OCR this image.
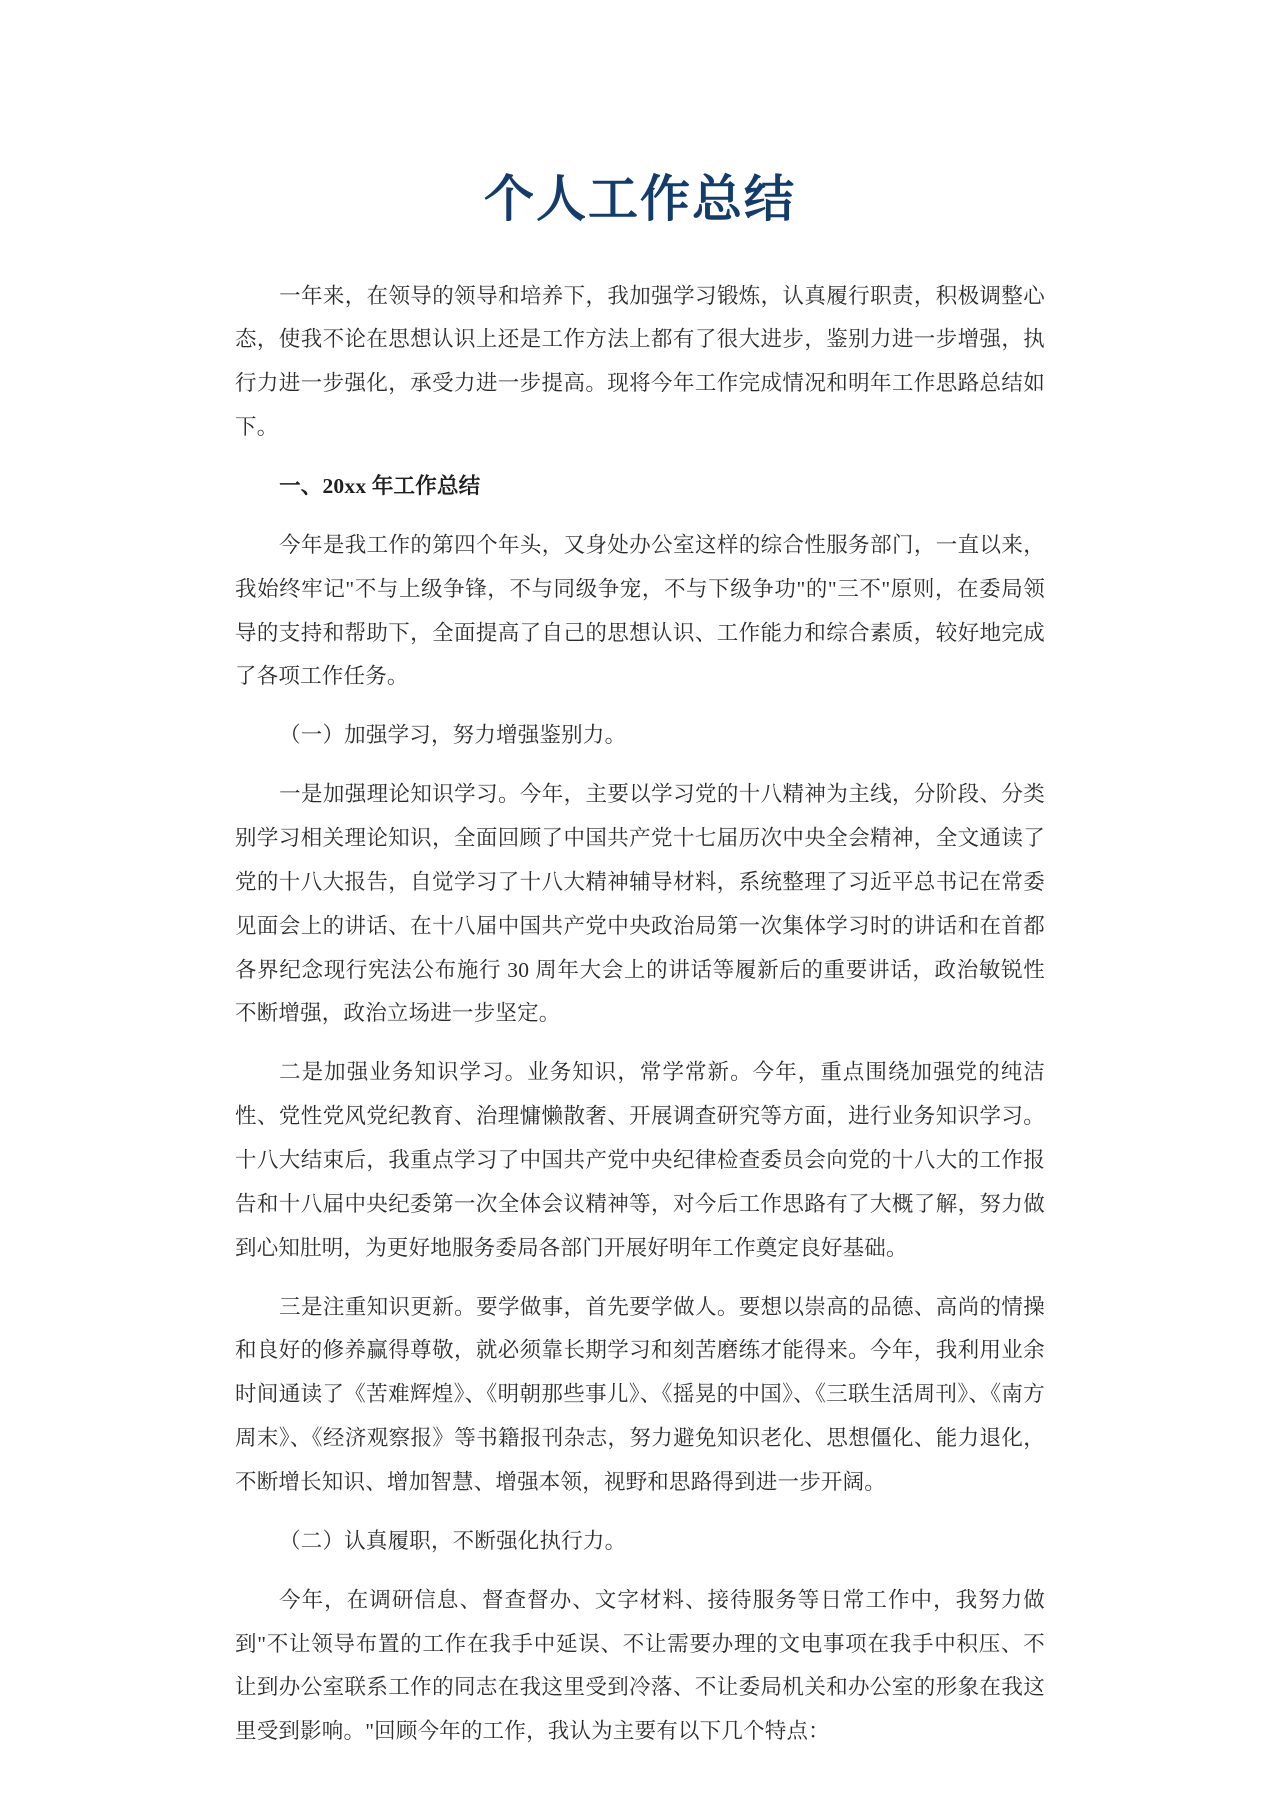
个人工作总结

一年来，在领导的领导和培养下，我加强学习锻炼，认真履行职责，积极调整心态，使我不论在思想认识上还是工作方法上都有了很大进步，鉴别力进一步增强，执行力进一步强化，承受力进一步提高。现将今年工作完成情况和明年工作思路总结如下。

一、20xx 年工作总结

今年是我工作的第四个年头，又身处办公室这样的综合性服务部门，一直以来，我始终牢记"不与上级争锋，不与同级争宠，不与下级争功"的"三不"原则，在委局领导的支持和帮助下，全面提高了自己的思想认识、工作能力和综合素质，较好地完成了各项工作任务。

（一）加强学习，努力增强鉴别力。

一是加强理论知识学习。今年，主要以学习党的十八精神为主线，分阶段、分类别学习相关理论知识，全面回顾了中国共产党十七届历次中央全会精神，全文通读了党的十八大报告，自觉学习了十八大精神辅导材料，系统整理了习近平总书记在常委见面会上的讲话、在十八届中国共产党中央政治局第一次集体学习时的讲话和在首都各界纪念现行宪法公布施行 30 周年大会上的讲话等履新后的重要讲话，政治敏锐性不断增强，政治立场进一步坚定。

二是加强业务知识学习。业务知识，常学常新。今年，重点围绕加强党的纯洁性、党性党风党纪教育、治理慵懒散奢、开展调查研究等方面，进行业务知识学习。十八大结束后，我重点学习了中国共产党中央纪律检查委员会向党的十八大的工作报告和十八届中央纪委第一次全体会议精神等，对今后工作思路有了大概了解，努力做到心知肚明，为更好地服务委局各部门开展好明年工作奠定良好基础。

三是注重知识更新。要学做事，首先要学做人。要想以崇高的品德、高尚的情操和良好的修养赢得尊敬，就必须靠长期学习和刻苦磨练才能得来。今年，我利用业余时间通读了《苦难辉煌》、《明朝那些事儿》、《摇晃的中国》、《三联生活周刊》、《南方周末》、《经济观察报》等书籍报刊杂志，努力避免知识老化、思想僵化、能力退化，不断增长知识、增加智慧、增强本领，视野和思路得到进一步开阔。

（二）认真履职，不断强化执行力。

今年，在调研信息、督查督办、文字材料、接待服务等日常工作中，我努力做到"不让领导布置的工作在我手中延误、不让需要办理的文电事项在我手中积压、不让到办公室联系工作的同志在我这里受到冷落、不让委局机关和办公室的形象在我这里受到影响。"回顾今年的工作，我认为主要有以下几个特点：
